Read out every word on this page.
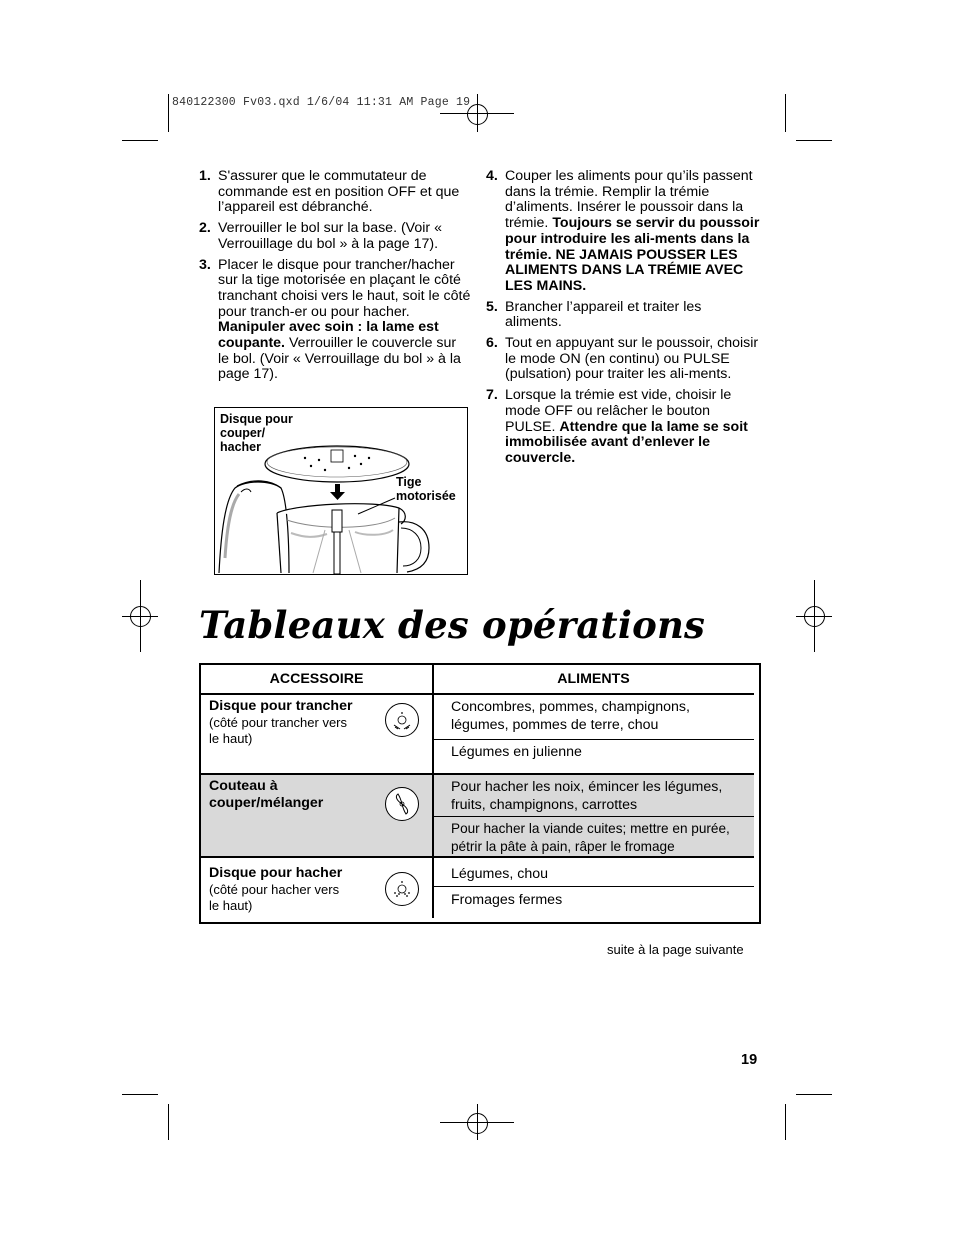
840122300 Fv03.qxd 1/6/04 11:31 AM Page 19
1. S'assurer que le commutateur de commande est en position OFF et que l’appareil est débranché.
2. Verrouiller le bol sur la base. (Voir « Verrouillage du bol » à la page 17).
3. Placer le disque pour trancher/hacher sur la tige motorisée en plaçant le côté tranchant choisi vers le haut, soit le côté pour tranch-er ou pour hacher. Manipuler avec soin : la lame est coupante. Verrouiller le couvercle sur le bol. (Voir « Verrouillage du bol » à la page 17).
4. Couper les aliments pour qu’ils passent dans la trémie. Remplir la trémie d’aliments. Insérer le poussoir dans la trémie. Toujours se servir du poussoir pour introduire les ali-ments dans la trémie. NE JAMAIS POUSSER LES ALIMENTS DANS LA TRÉMIE AVEC LES MAINS.
5. Brancher l’appareil et traiter les aliments.
6. Tout en appuyant sur le poussoir, choisir le mode ON (en continu) ou PULSE (pulsation) pour traiter les ali-ments.
7. Lorsque la trémie est vide, choisir le mode OFF ou relâcher le bouton PULSE. Attendre que la lame se soit immobilisée avant d’enlever le couvercle.
Disque pour
couper/
hacher
Tige
motorisée
Tableaux des opérations
ACCESSOIRE	ALIMENTS
Disque pour trancher
(côté pour trancher vers
le haut)
Concombres, pommes, champignons,
légumes, pommes de terre, chou
Légumes en julienne
Couteau à
couper/mélanger
Pour hacher les noix, émincer les légumes,
fruits, champignons, carrottes
Pour hacher la viande cuites; mettre en purée,
pétrir la pâte à pain, râper le fromage
Disque pour hacher
(côté pour hacher vers
le haut)
Légumes, chou
Fromages fermes
suite à la page suivante
19
